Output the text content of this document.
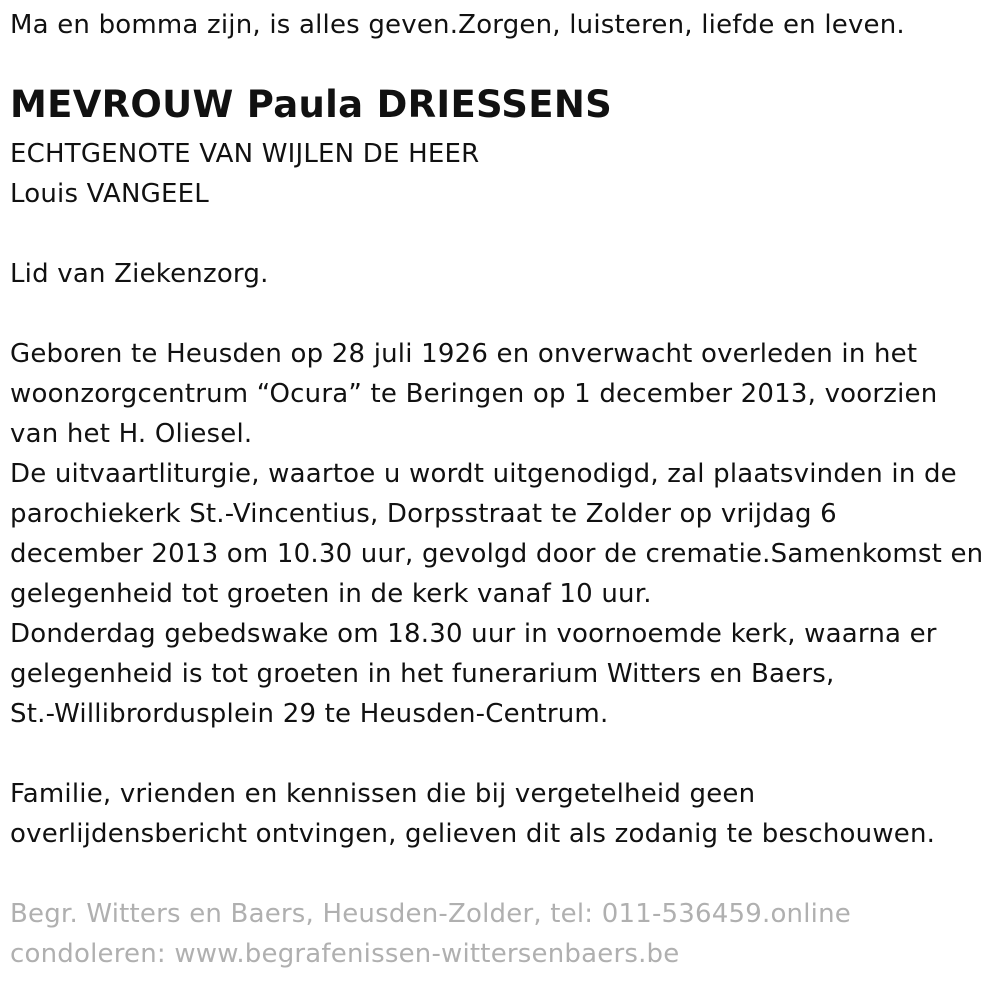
Ma en bomma zijn, is alles geven.Zorgen, luisteren, liefde en leven.
MEVROUW Paula DRIESSENS
ECHTGENOTE VAN WIJLEN DE HEER
Louis VANGEEL
Lid van Ziekenzorg.
Geboren te Heusden op 28 juli 1926 en onverwacht overleden in het
woonzorgcentrum “Ocura” te Beringen op 1 december 2013, voorzien
van het H. Oliesel.
De uitvaartliturgie, waartoe u wordt uitgenodigd, zal plaatsvinden in de
parochiekerk St.-Vincentius, Dorpsstraat te Zolder op vrijdag 6
december 2013 om 10.30 uur, gevolgd door de crematie.Samenkomst en
gelegenheid tot groeten in de kerk vanaf 10 uur.
Donderdag gebedswake om 18.30 uur in voornoemde kerk, waarna er
gelegenheid is tot groeten in het funerarium Witters en Baers,
St.-Willibrordusplein 29 te Heusden-Centrum.
Familie, vrienden en kennissen die bij vergetelheid geen
overlijdensbericht ontvingen, gelieven dit als zodanig te beschouwen.
Begr. Witters en Baers, Heusden-Zolder, tel: 011-536459.online
condoleren: www.begrafenissen-wittersenbaers.be
